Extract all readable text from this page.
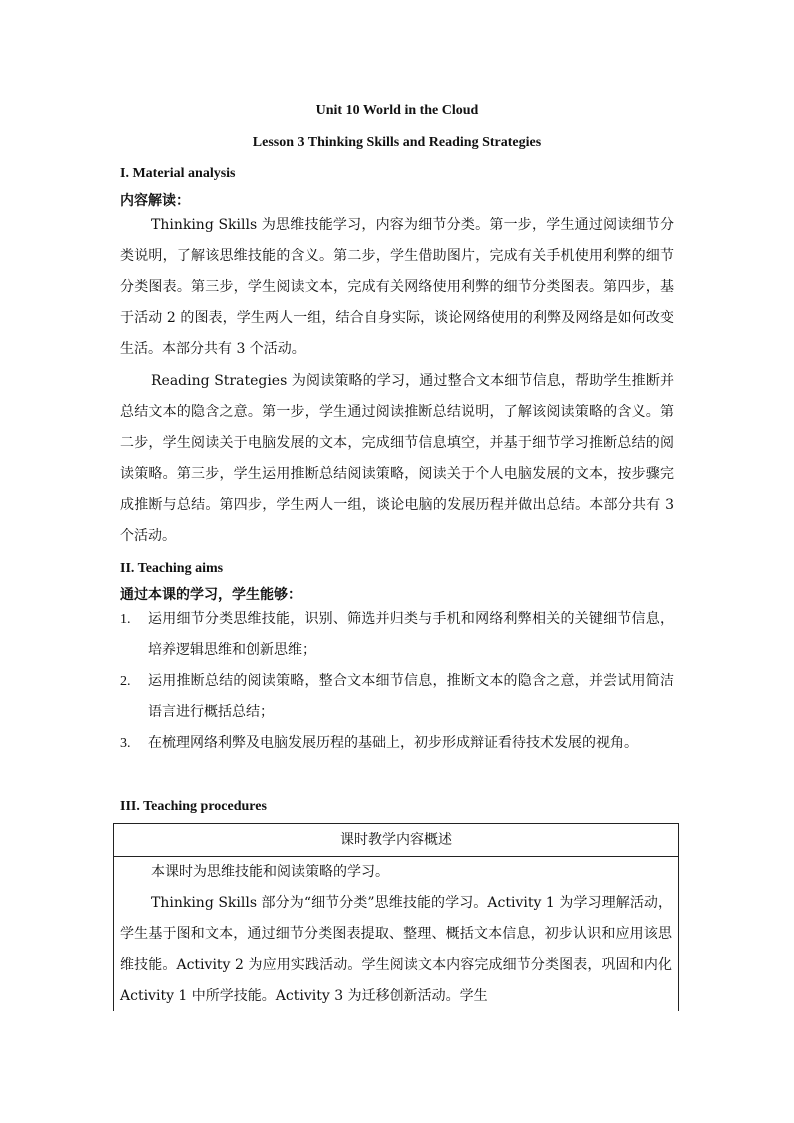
Unit 10 World in the Cloud
Lesson 3 Thinking Skills and Reading Strategies
I. Material analysis
内容解读：

Thinking Skills 为思维技能学习，内容为细节分类。第一步，学生通过阅读细节分类说明，了解该思维技能的含义。第二步，学生借助图片，完成有关手机使用利弊的细节分类图表。第三步，学生阅读文本，完成有关网络使用利弊的细节分类图表。第四步，基于活动 2 的图表，学生两人一组，结合自身实际，谈论网络使用的利弊及网络是如何改变生活。本部分共有 3 个活动。

Reading Strategies 为阅读策略的学习，通过整合文本细节信息，帮助学生推断并总结文本的隐含之意。第一步，学生通过阅读推断总结说明，了解该阅读策略的含义。第二步，学生阅读关于电脑发展的文本，完成细节信息填空，并基于细节学习推断总结的阅读策略。第三步，学生运用推断总结阅读策略，阅读关于个人电脑发展的文本，按步骤完成推断与总结。第四步，学生两人一组，谈论电脑的发展历程并做出总结。本部分共有 3 个活动。

II. Teaching aims
通过本课的学习，学生能够：
1. 运用细节分类思维技能，识别、筛选并归类与手机和网络利弊相关的关键细节信息，培养逻辑思维和创新思维；
2. 运用推断总结的阅读策略，整合文本细节信息，推断文本的隐含之意，并尝试用简洁语言进行概括总结；
3. 在梳理网络利弊及电脑发展历程的基础上，初步形成辩证看待技术发展的视角。
III. Teaching procedures
课时教学内容概述

本课时为思维技能和阅读策略的学习。

Thinking Skills 部分为“细节分类”思维技能的学习。Activity 1 为学习理解活动，学生基于图和文本，通过细节分类图表提取、整理、概括文本信息，初步认识和应用该思维技能。Activity 2 为应用实践活动。学生阅读文本内容完成细节分类图表，巩固和内化 Activity 1 中所学技能。Activity 3 为迁移创新活动。学生
